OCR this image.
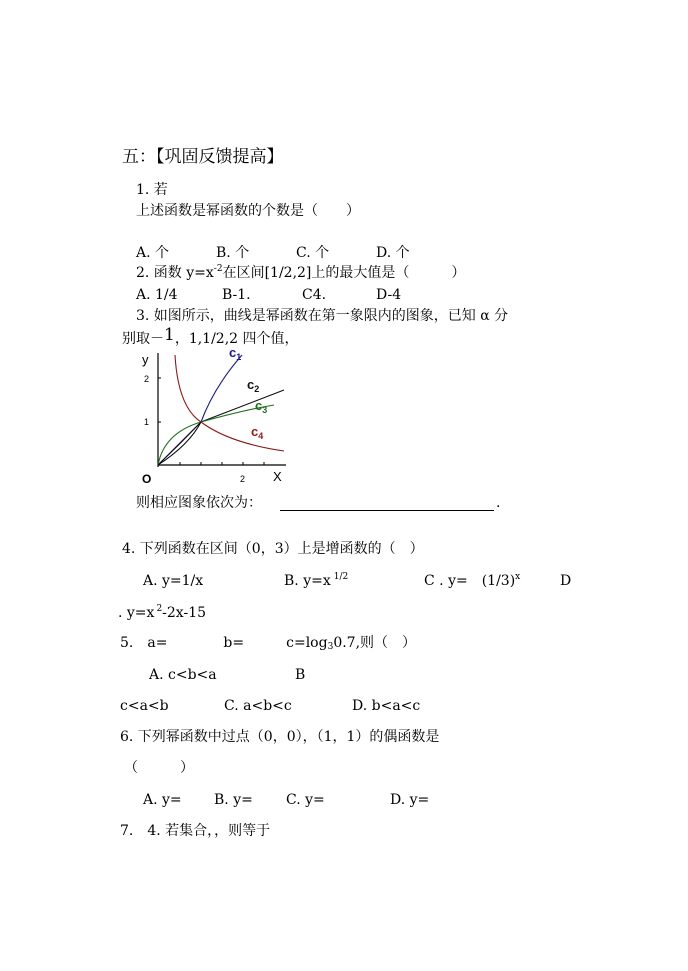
五：【巩固反馈提高】
1. 若
上述函数是幂函数的个数是（　　）
A. 个	B. 个	C. 个	D. 个
2. 函数 $y=x^{-2}$在区间[1/2,2]上的最大值是（　　　）
A. 1/4	B-1.	C4.	D-4
3. 如图所示，曲线是幂函数在第一象限内的图象，已知 α 分
别取－1，1,1/2,2 四个值，
y
X
O
2
1
2
$c_1$
$c_2$
$c_3$
$c_4$
则相应图象依次为：	.
4. 下列函数在区间（0，3）上是增函数的（　）
A. y=1/x	B. y=x $^{1/2}$	C . y=　$(1/3)^x$	D
. y=x $^2$-2x-15
5.　a=　　　　b=　　　$c=\log_30.7$,则（　）
A. c<b<a	B
c<a<b	C. a<b<c	D. b<a<c
6. 下列幂函数中过点（0，0），（1，1）的偶函数是
（　　　）
A. y= B. y= C. y=	D. y=
7.　4. 若集合，，则等于
